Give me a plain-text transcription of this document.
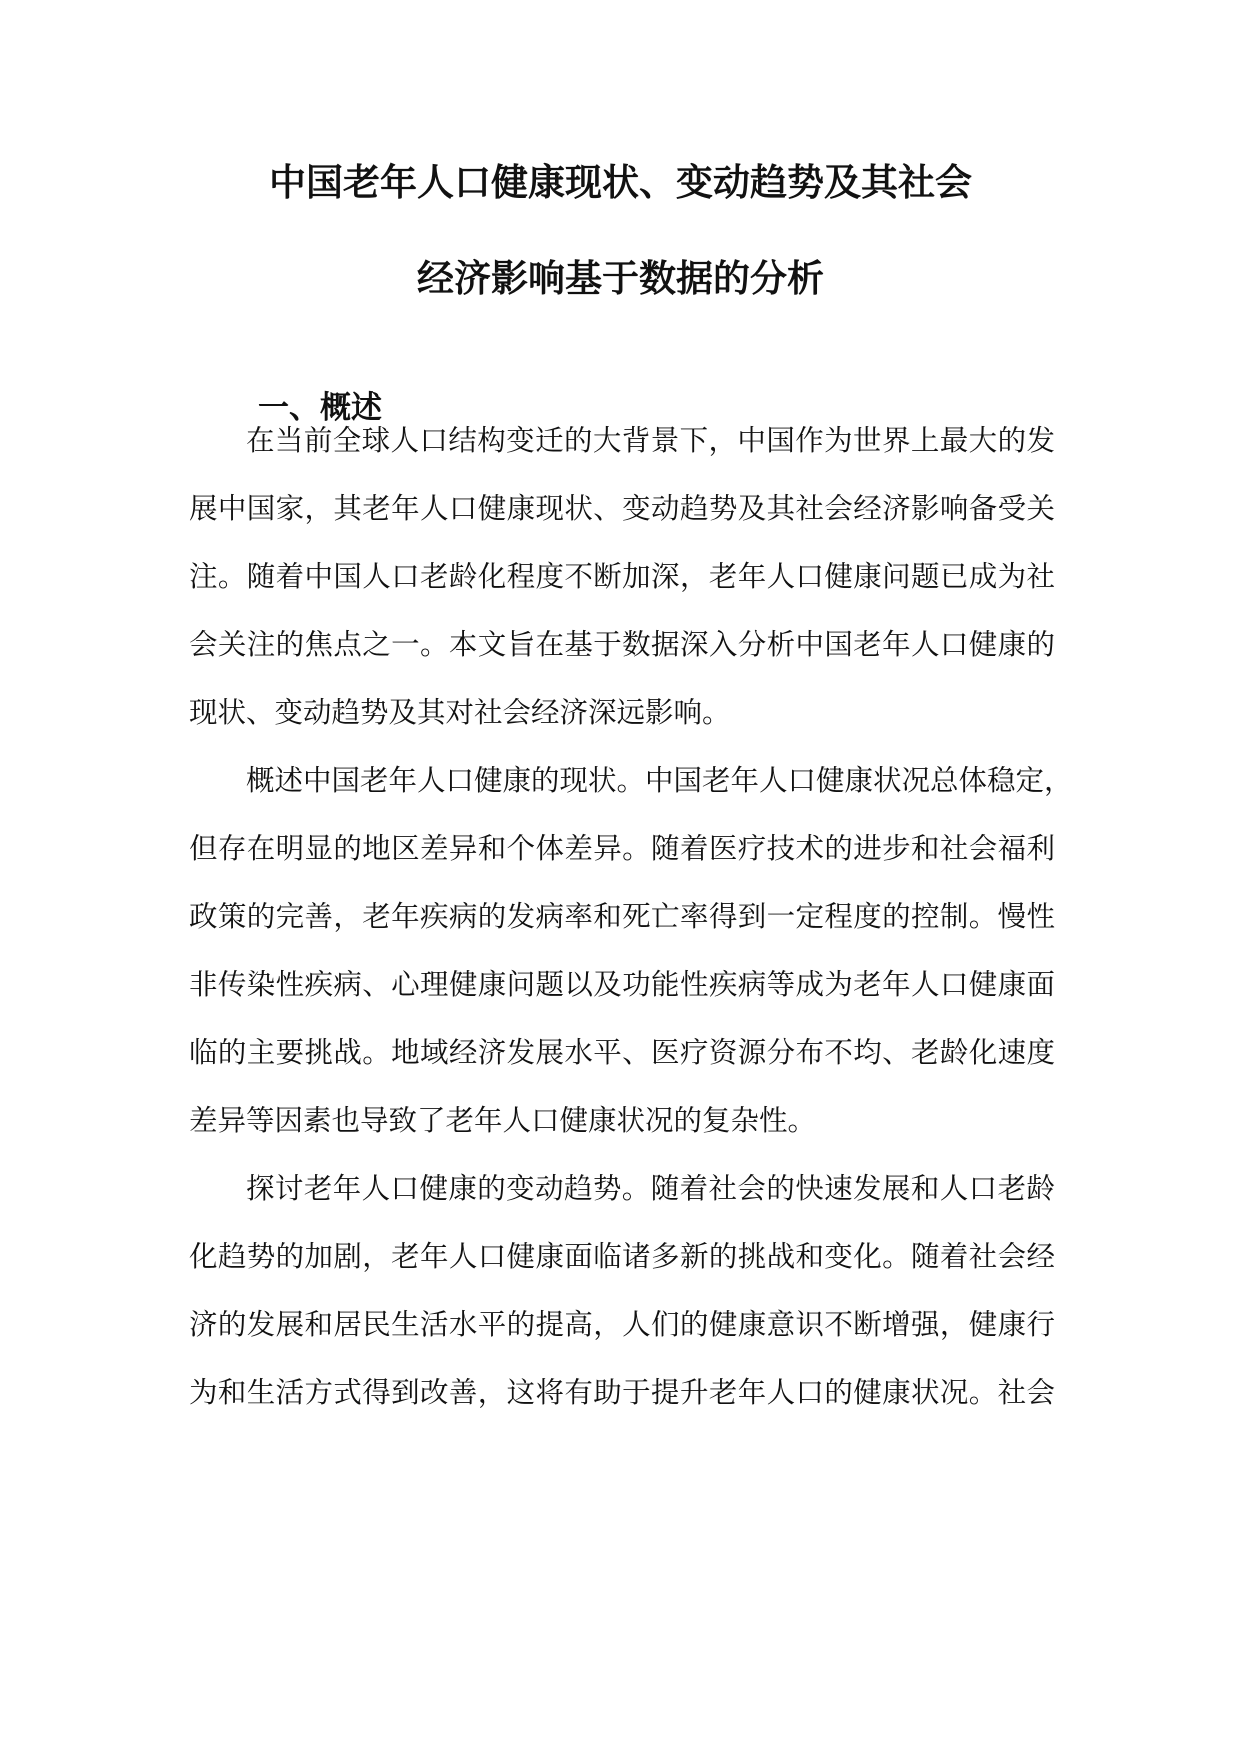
中国老年人口健康现状、变动趋势及其社会
经济影响基于数据的分析
一、概述
在当前全球人口结构变迁的大背景下，中国作为世界上最大的发
展中国家，其老年人口健康现状、变动趋势及其社会经济影响备受关
注。随着中国人口老龄化程度不断加深，老年人口健康问题已成为社
会关注的焦点之一。本文旨在基于数据深入分析中国老年人口健康的
现状、变动趋势及其对社会经济深远影响。
概述中国老年人口健康的现状。中国老年人口健康状况总体稳定，
但存在明显的地区差异和个体差异。随着医疗技术的进步和社会福利
政策的完善，老年疾病的发病率和死亡率得到一定程度的控制。慢性
非传染性疾病、心理健康问题以及功能性疾病等成为老年人口健康面
临的主要挑战。地域经济发展水平、医疗资源分布不均、老龄化速度
差异等因素也导致了老年人口健康状况的复杂性。
探讨老年人口健康的变动趋势。随着社会的快速发展和人口老龄
化趋势的加剧，老年人口健康面临诸多新的挑战和变化。随着社会经
济的发展和居民生活水平的提高，人们的健康意识不断增强，健康行
为和生活方式得到改善，这将有助于提升老年人口的健康状况。社会
